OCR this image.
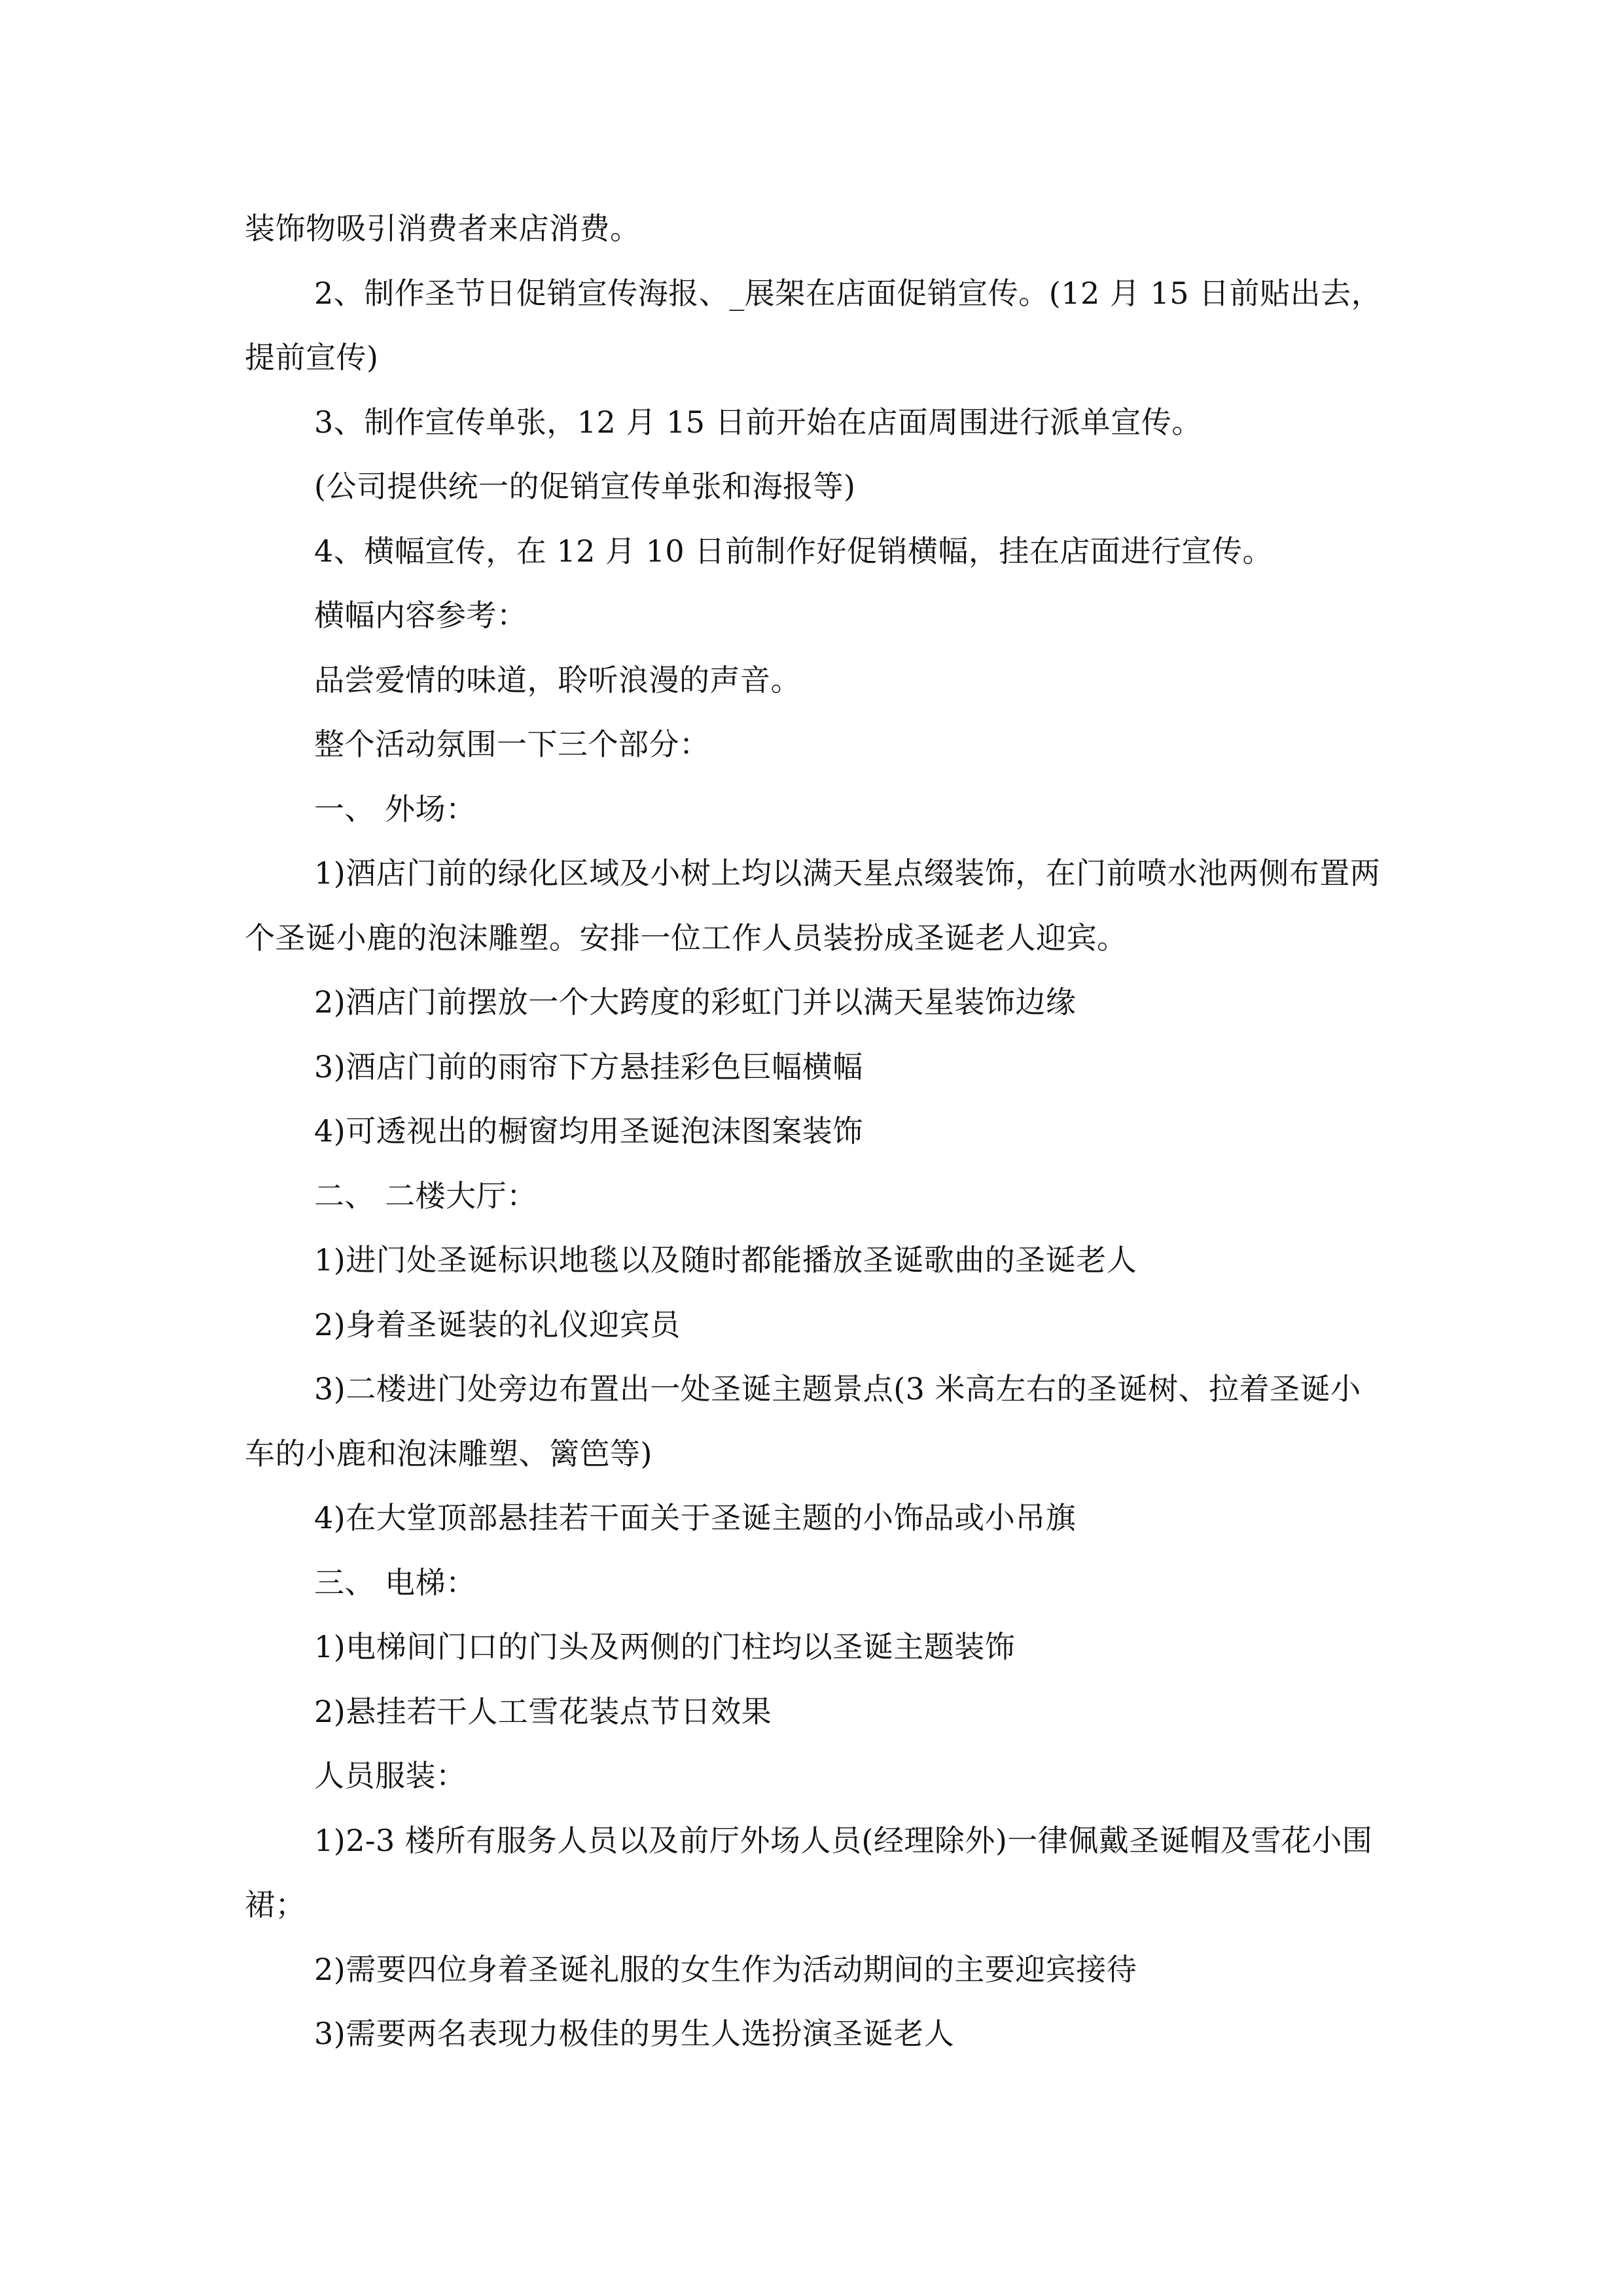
装饰物吸引消费者来店消费。

2、制作圣节日促销宣传海报、_展架在店面促销宣传。(12 月 15 日前贴出去，提前宣传)

3、制作宣传单张，12 月 15 日前开始在店面周围进行派单宣传。

(公司提供统一的促销宣传单张和海报等)

4、横幅宣传，在 12 月 10 日前制作好促销横幅，挂在店面进行宣传。

横幅内容参考：

品尝爱情的味道，聆听浪漫的声音。

整个活动氛围一下三个部分：

一、 外场：

1)酒店门前的绿化区域及小树上均以满天星点缀装饰，在门前喷水池两侧布置两个圣诞小鹿的泡沫雕塑。安排一位工作人员装扮成圣诞老人迎宾。

2)酒店门前摆放一个大跨度的彩虹门并以满天星装饰边缘

3)酒店门前的雨帘下方悬挂彩色巨幅横幅

4)可透视出的橱窗均用圣诞泡沫图案装饰

二、 二楼大厅：

1)进门处圣诞标识地毯以及随时都能播放圣诞歌曲的圣诞老人

2)身着圣诞装的礼仪迎宾员

3)二楼进门处旁边布置出一处圣诞主题景点(3 米高左右的圣诞树、拉着圣诞小车的小鹿和泡沫雕塑、篱笆等)

4)在大堂顶部悬挂若干面关于圣诞主题的小饰品或小吊旗

三、 电梯：

1)电梯间门口的门头及两侧的门柱均以圣诞主题装饰

2)悬挂若干人工雪花装点节日效果

人员服装：

1)2-3 楼所有服务人员以及前厅外场人员(经理除外)一律佩戴圣诞帽及雪花小围裙；

2)需要四位身着圣诞礼服的女生作为活动期间的主要迎宾接待

3)需要两名表现力极佳的男生人选扮演圣诞老人
